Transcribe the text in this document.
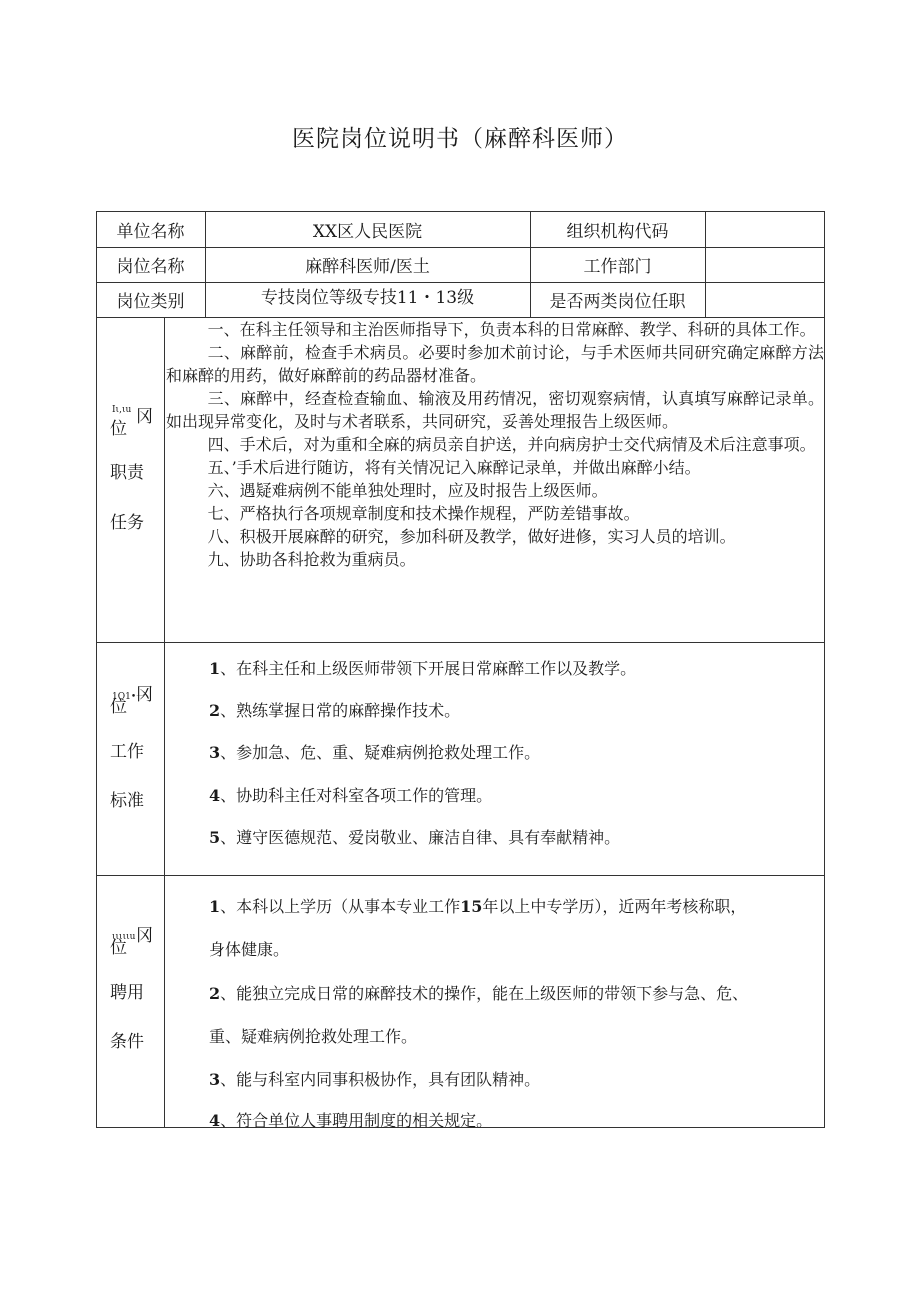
医院岗位说明书（麻醉科医师）
单位名称	XX区人民医院	组织机构代码
岗位名称	麻醉科医师/医土	工作部门
岗位类别	专技岗位等级专技11・13级	是否两类岗位任职
Iι,ιu 冈
位
职责
任务

一、在科主任领导和主治医师指导下，负责本科的日常麻醉、教学、科研的具体工作。

二、麻醉前，检查手术病员。必要时参加术前讨论，与手术医师共同研究确定麻醉方法和麻醉的用药，做好麻醉前的药品器材准备。

三、麻醉中，经查检查输血、输液及用药情况，密切观察病情，认真填写麻醉记录单。如出现异常变化，及时与术者联系，共同研究，妥善处理报告上级医师。

四、手术后，对为重和全麻的病员亲自护送，并向病房护士交代病情及术后注意事项。

五、’手术后进行随访，将有关情况记入麻醉记录单，并做出麻醉小结。

六、遇疑难病例不能单独处理时，应及时报告上级医师。

七、严格执行各项规章制度和技术操作规程，严防差错事故。

八、积极开展麻醉的研究，参加科研及教学，做好进修，实习人员的培训。

九、协助各科抢救为重病员。

1Q1•一
冈
位
工作
标准
1、在科主任和上级医师带领下开展日常麻醉工作以及教学。
2、熟练掌握日常的麻醉操作技术。
3、参加急、危、重、疑难病例抢救处理工作。
4、协助科主任对科室各项工作的管理。
5、遵守医德规范、爱岗敬业、廉洁自律、具有奉献精神。
ιιιιιu 冈
位
聘用
条件
1、本科以上学历（从事本专业工作15年以上中专学历），近两年考核称职，
身体健康。
2、能独立完成日常的麻醉技术的操作，能在上级医师的带领下参与急、危、
重、疑难病例抢救处理工作。
3、能与科室内同事积极协作，具有团队精神。
4、符合单位人事聘用制度的相关规定。
